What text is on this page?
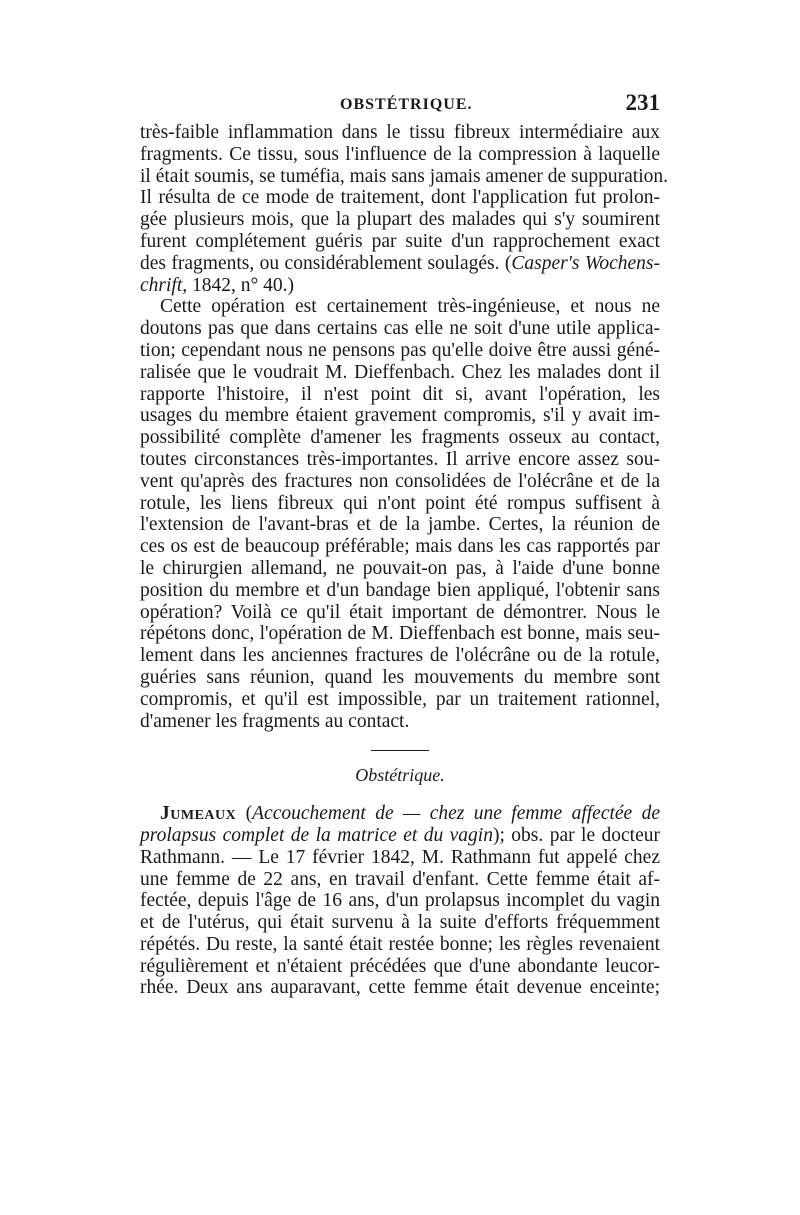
OBSTÉTRIQUE.	231
très-faible inflammation dans le tissu fibreux intermédiaire aux
fragments. Ce tissu, sous l'influence de la compression à laquelle
il était soumis, se tuméfia, mais sans jamais amener de suppuration.
Il résulta de ce mode de traitement, dont l'application fut prolon-
gée plusieurs mois, que la plupart des malades qui s'y soumirent
furent complétement guéris par suite d'un rapprochement exact
des fragments, ou considérablement soulagés. (Casper's Wochens-
chrift, 1842, n° 40.)
Cette opération est certainement très-ingénieuse, et nous ne
doutons pas que dans certains cas elle ne soit d'une utile applica-
tion; cependant nous ne pensons pas qu'elle doive être aussi géné-
ralisée que le voudrait M. Dieffenbach. Chez les malades dont il
rapporte l'histoire, il n'est point dit si, avant l'opération, les
usages du membre étaient gravement compromis, s'il y avait im-
possibilité complète d'amener les fragments osseux au contact,
toutes circonstances très-importantes. Il arrive encore assez sou-
vent qu'après des fractures non consolidées de l'olécrâne et de la
rotule, les liens fibreux qui n'ont point été rompus suffisent à
l'extension de l'avant-bras et de la jambe. Certes, la réunion de
ces os est de beaucoup préférable; mais dans les cas rapportés par
le chirurgien allemand, ne pouvait-on pas, à l'aide d'une bonne
position du membre et d'un bandage bien appliqué, l'obtenir sans
opération? Voilà ce qu'il était important de démontrer. Nous le
répétons donc, l'opération de M. Dieffenbach est bonne, mais seu-
lement dans les anciennes fractures de l'olécrâne ou de la rotule,
guéries sans réunion, quand les mouvements du membre sont
compromis, et qu'il est impossible, par un traitement rationnel,
d'amener les fragments au contact.
Obstétrique.
Jumeaux (Accouchement de — chez une femme affectée de
prolapsus complet de la matrice et du vagin); obs. par le docteur
Rathmann. — Le 17 février 1842, M. Rathmann fut appelé chez
une femme de 22 ans, en travail d'enfant. Cette femme était af-
fectée, depuis l'âge de 16 ans, d'un prolapsus incomplet du vagin
et de l'utérus, qui était survenu à la suite d'efforts fréquemment
répétés. Du reste, la santé était restée bonne; les règles revenaient
régulièrement et n'étaient précédées que d'une abondante leucor-
rhée. Deux ans auparavant, cette femme était devenue enceinte;
